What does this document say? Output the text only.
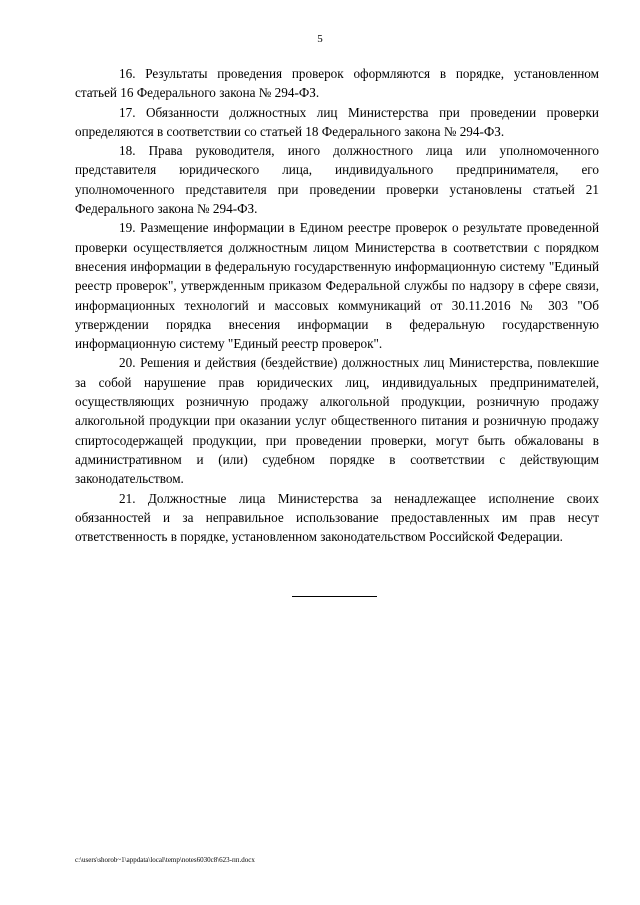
5

16. Результаты проведения проверок оформляются в порядке, установленном статьей 16 Федерального закона № 294-ФЗ.

17. Обязанности должностных лиц Министерства при проведении проверки определяются в соответствии со статьей 18 Федерального закона № 294-ФЗ.

18. Права руководителя, иного должностного лица или уполномоченного представителя юридического лица, индивидуального предпринимателя, его уполномоченного представителя при проведении проверки установлены статьей 21 Федерального закона № 294-ФЗ.

19. Размещение информации в Едином реестре проверок о результате проведенной проверки осуществляется должностным лицом Министерства в соответствии с порядком внесения информации в федеральную государственную информационную систему "Единый реестр проверок", утвержденным приказом Федеральной службы по надзору в сфере связи, информационных технологий и массовых коммуникаций от 30.11.2016 № 303 "Об утверждении порядка внесения информации в федеральную государственную информационную систему "Единый реестр проверок".

20. Решения и действия (бездействие) должностных лиц Министерства, повлекшие за собой нарушение прав юридических лиц, индивидуальных предпринимателей, осуществляющих розничную продажу алкогольной продукции, розничную продажу алкогольной продукции при оказании услуг общественного питания и розничную продажу спиртосодержащей продукции, при проведении проверки, могут быть обжалованы в административном и (или) судебном порядке в соответствии с действующим законодательством.

21. Должностные лица Министерства за ненадлежащее исполнение своих обязанностей и за неправильное использование предоставленных им прав несут ответственность в порядке, установленном законодательством Российской Федерации.

c:\users\shorob~1\appdata\local\temp\notes6030c8\623-пп.docx
